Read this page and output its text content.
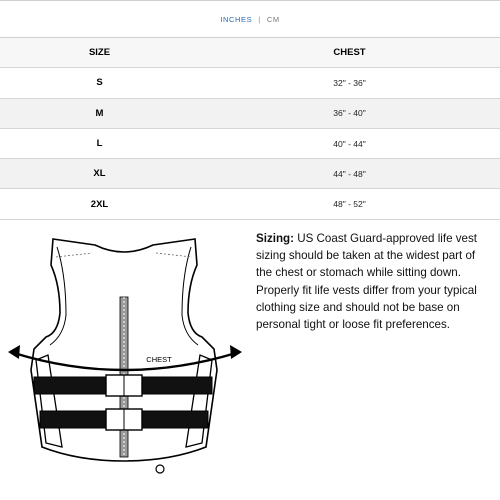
INCHES | CM
SIZE	CHEST
S	32" - 36"
M	36" - 40"
L	40" - 44"
XL	44" - 48"
2XL	48" - 52"
CHEST

Sizing: US Coast Guard-approved life vest sizing should be taken at the widest part of the chest or stomach while sitting down. Properly fit life vests differ from your typical clothing size and should not be base on personal tight or loose fit preferences.
